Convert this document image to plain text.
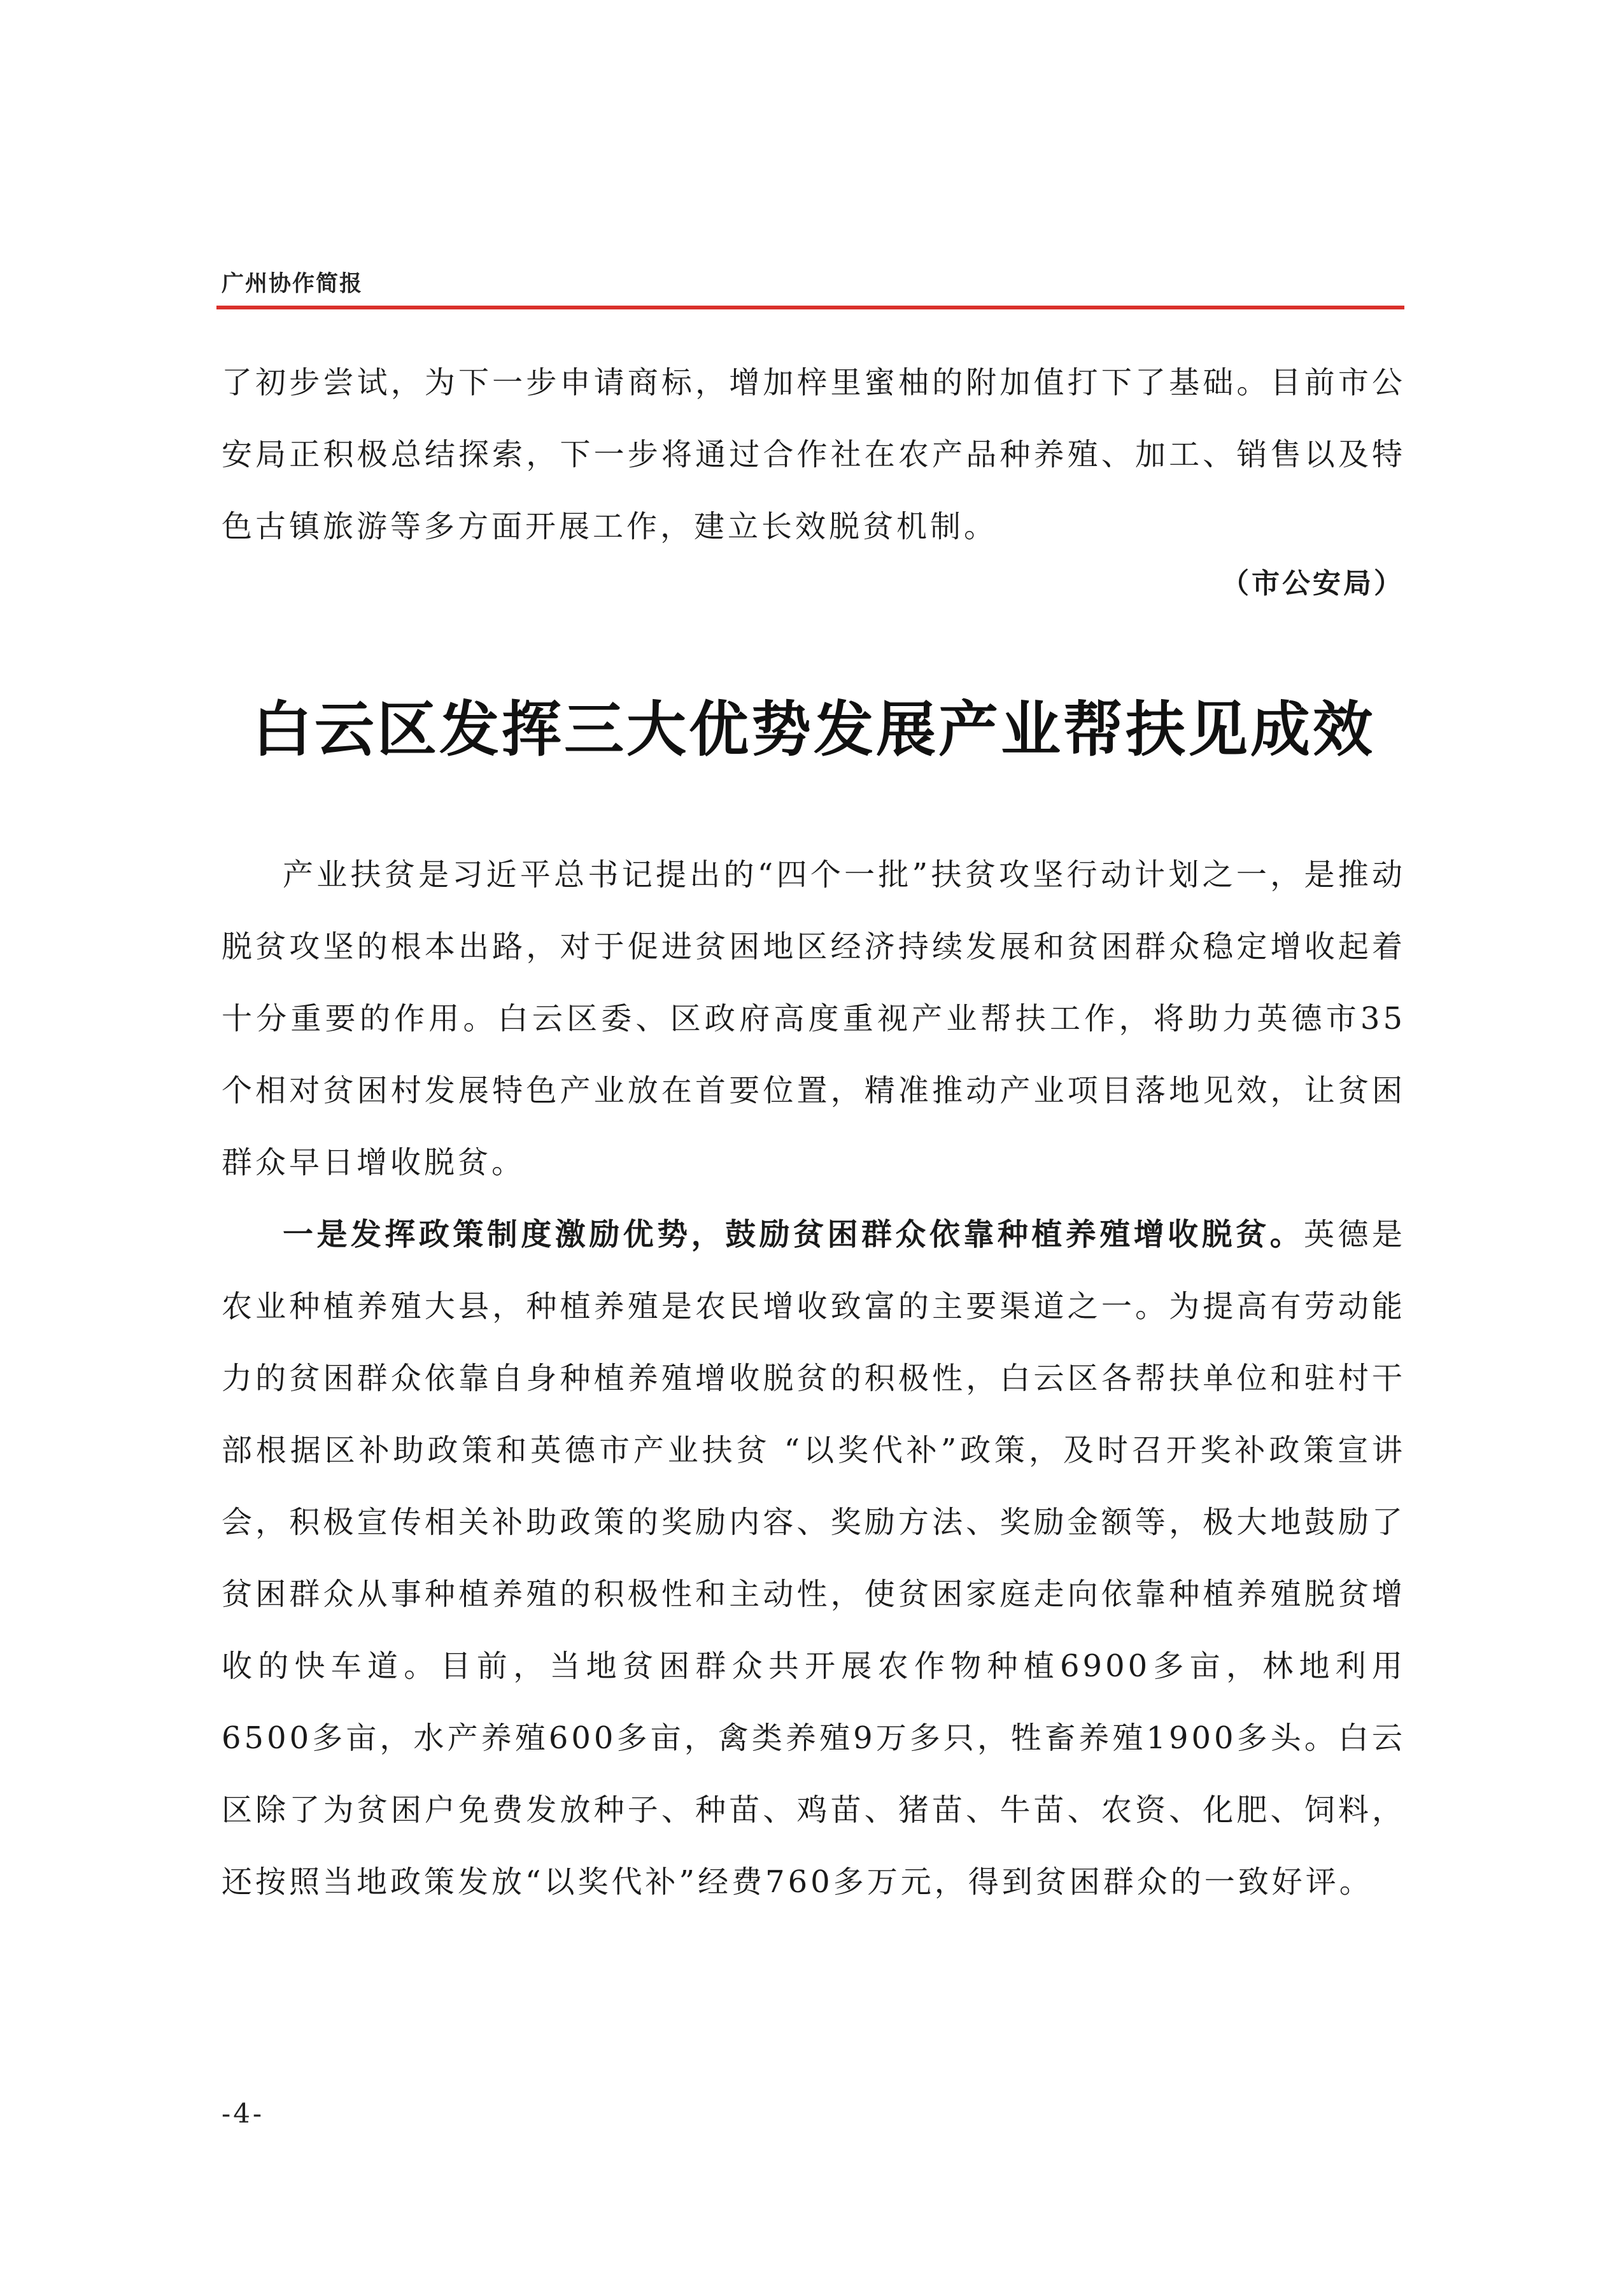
广州协作简报

了初步尝试，为下一步申请商标，增加梓里蜜柚的附加值打下了基础。目前市公安局正积极总结探索，下一步将通过合作社在农产品种养殖、加工、销售以及特色古镇旅游等多方面开展工作，建立长效脱贫机制。

（市公安局）
白云区发挥三大优势发展产业帮扶见成效

产业扶贫是习近平总书记提出的“四个一批”扶贫攻坚行动计划之一，是推动脱贫攻坚的根本出路，对于促进贫困地区经济持续发展和贫困群众稳定增收起着十分重要的作用。白云区委、区政府高度重视产业帮扶工作，将助力英德市35个相对贫困村发展特色产业放在首要位置，精准推动产业项目落地见效，让贫困群众早日增收脱贫。

一是发挥政策制度激励优势，鼓励贫困群众依靠种植养殖增收脱贫。英德是农业种植养殖大县，种植养殖是农民增收致富的主要渠道之一。为提高有劳动能力的贫困群众依靠自身种植养殖增收脱贫的积极性，白云区各帮扶单位和驻村干部根据区补助政策和英德市产业扶贫 “以奖代补”政策，及时召开奖补政策宣讲会，积极宣传相关补助政策的奖励内容、奖励方法、奖励金额等，极大地鼓励了贫困群众从事种植养殖的积极性和主动性，使贫困家庭走向依靠种植养殖脱贫增收的快车道。目前，当地贫困群众共开展农作物种植6900多亩，林地利用6500多亩，水产养殖600多亩，禽类养殖9万多只，牲畜养殖1900多头。白云区除了为贫困户免费发放种子、种苗、鸡苗、猪苗、牛苗、农资、化肥、饲料，还按照当地政策发放“以奖代补”经费760多万元，得到贫困群众的一致好评。

-4-
